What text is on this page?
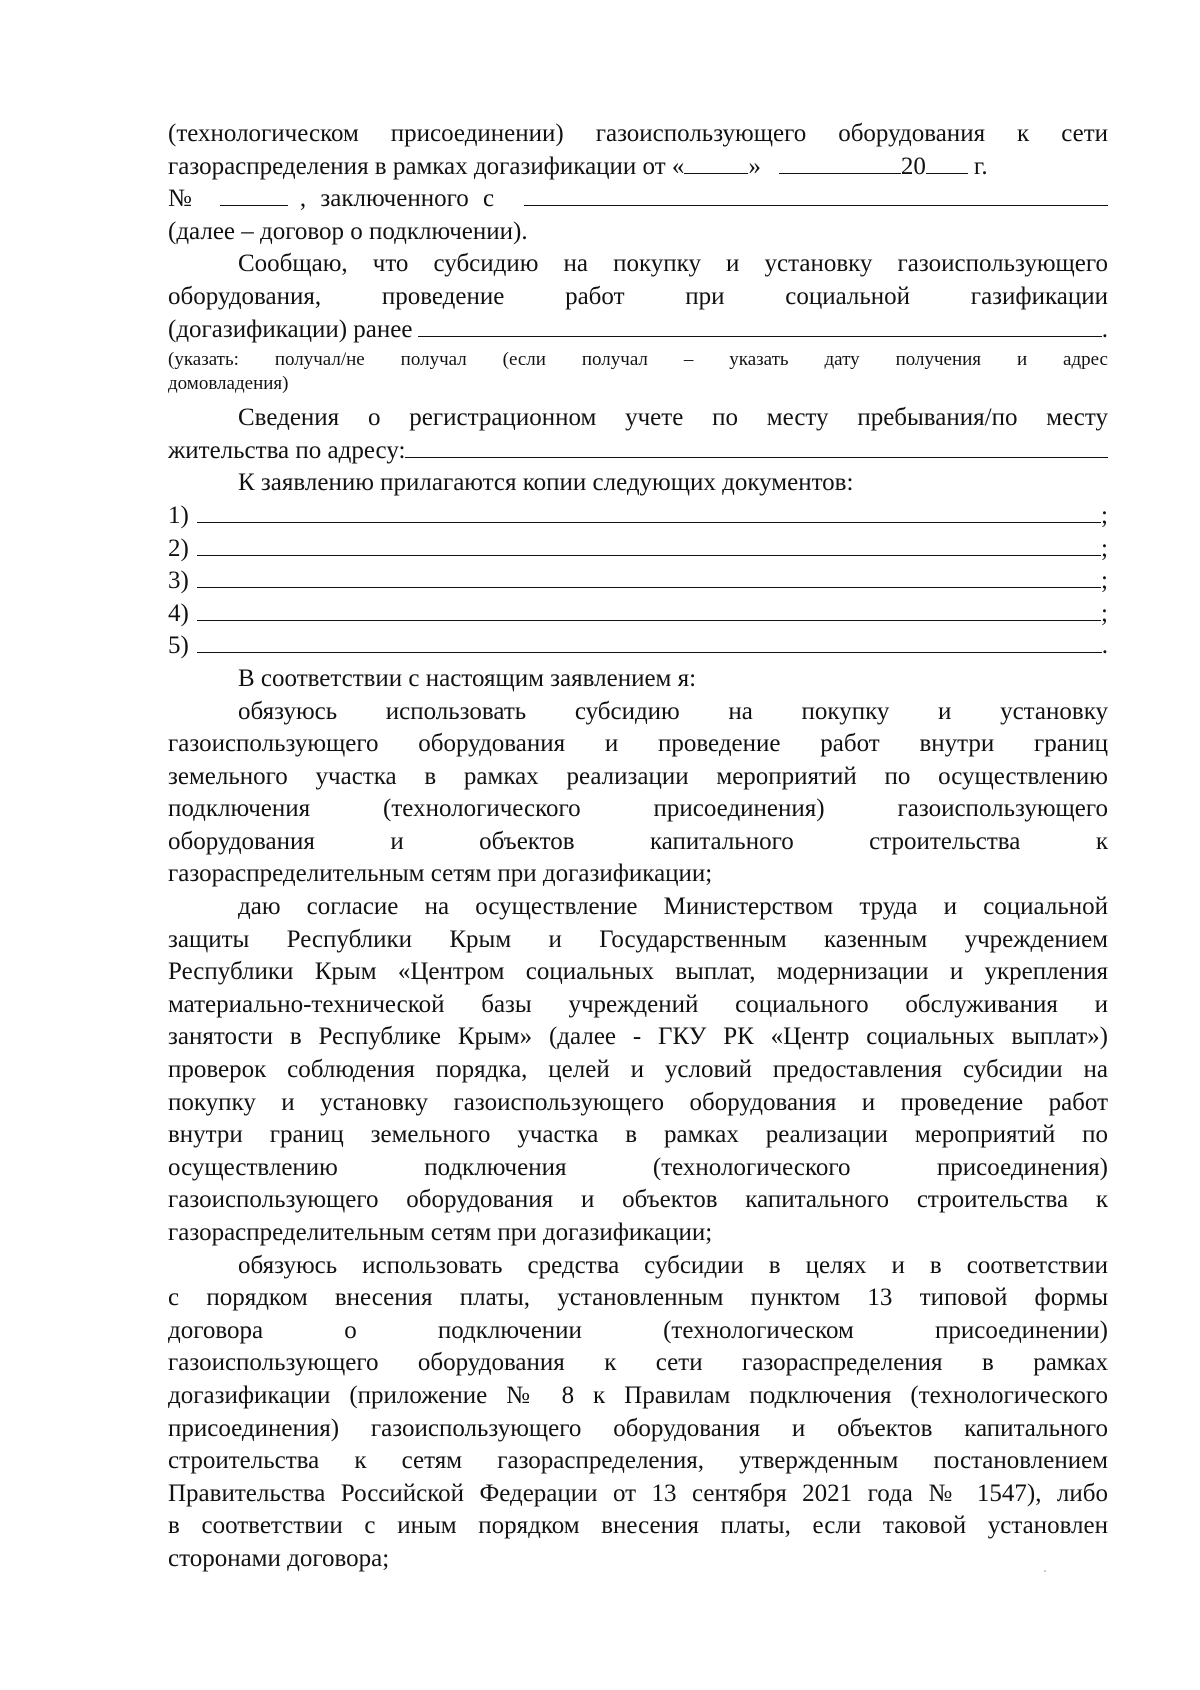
(технологическом присоединении) газоиспользующего оборудования к сети
газораспределения в рамках догазификации от «	»	20 г.
№	, заключенного с
(далее – договор о подключении).
Сообщаю, что субсидию на покупку и установку газоиспользующего
оборудования, проведение работ при социальной газификации
(догазификации) ранее	.
(указать: получал/не получал (если получал – указать дату получения и адрес
домовладения)
Сведения о регистрационном учете по месту пребывания/по месту
жительства по адресу:
К заявлению прилагаются копии следующих документов:
1)	;
2)	;
3)	;
4)	;
5)	.
В соответствии с настоящим заявлением я:
обязуюсь использовать субсидию на покупку и установку
газоиспользующего оборудования и проведение работ внутри границ
земельного участка в рамках реализации мероприятий по осуществлению
подключения (технологического присоединения) газоиспользующего
оборудования и объектов капитального строительства к
газораспределительным сетям при догазификации;
даю согласие на осуществление Министерством труда и социальной
защиты Республики Крым и Государственным казенным учреждением
Республики Крым «Центром социальных выплат, модернизации и укрепления
материально-технической базы учреждений социального обслуживания и
занятости в Республике Крым» (далее - ГКУ РК «Центр социальных выплат»)
проверок соблюдения порядка, целей и условий предоставления субсидии на
покупку и установку газоиспользующего оборудования и проведение работ
внутри границ земельного участка в рамках реализации мероприятий по
осуществлению подключения (технологического присоединения)
газоиспользующего оборудования и объектов капитального строительства к
газораспределительным сетям при догазификации;
обязуюсь использовать средства субсидии в целях и в соответствии
с порядком внесения платы, установленным пунктом 13 типовой формы
договора о подключении (технологическом присоединении)
газоиспользующего оборудования к сети газораспределения в рамках
догазификации (приложение № 8 к Правилам подключения (технологического
присоединения) газоиспользующего оборудования и объектов капитального
строительства к сетям газораспределения, утвержденным постановлением
Правительства Российской Федерации от 13 сентября 2021 года № 1547), либо
в соответствии с иным порядком внесения платы, если таковой установлен
сторонами договора;
